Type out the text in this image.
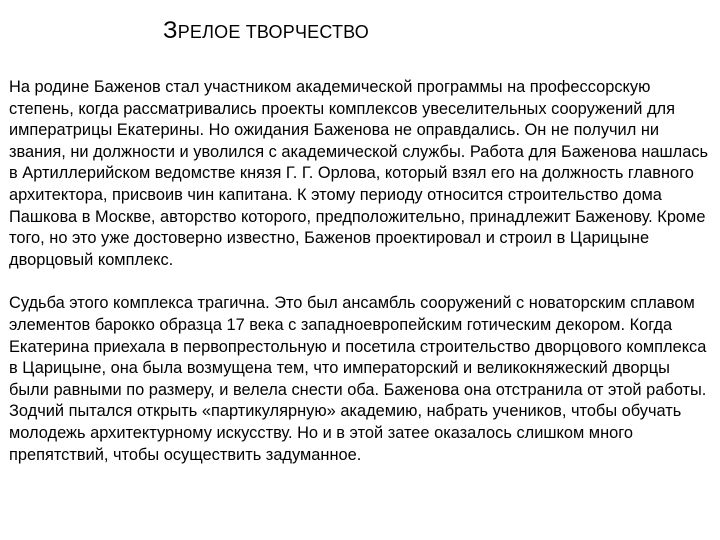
ЗРЕЛОЕ ТВОРЧЕСТВО

На родине Баженов стал участником академической программы на профессорскую степень, когда рассматривались проекты комплексов увеселительных сооружений для императрицы Екатерины. Но ожидания Баженова не оправдались. Он не получил ни звания, ни должности и уволился с академической службы. Работа для Баженова нашлась в Артиллерийском ведомстве князя Г. Г. Орлова, который взял его на должность главного архитектора, присвоив чин капитана. К этому периоду относится строительство дома Пашкова в Москве, авторство которого, предположительно, принадлежит Баженову. Кроме того, но это уже достоверно известно, Баженов проектировал и строил в Царицыне дворцовый комплекс.

Судьба этого комплекса трагична. Это был ансамбль сооружений с новаторским сплавом элементов барокко образца 17 века с западноевропейским готическим декором. Когда Екатерина приехала в первопрестольную и посетила строительство дворцового комплекса в Царицыне, она была возмущена тем, что императорский и великокняжеский дворцы были равными по размеру, и велела снести оба. Баженова она отстранила от этой работы. Зодчий пытался открыть «партикулярную» академию, набрать учеников, чтобы обучать молодежь архитектурному искусству. Но и в этой затее оказалось слишком много препятствий, чтобы осуществить задуманное.
